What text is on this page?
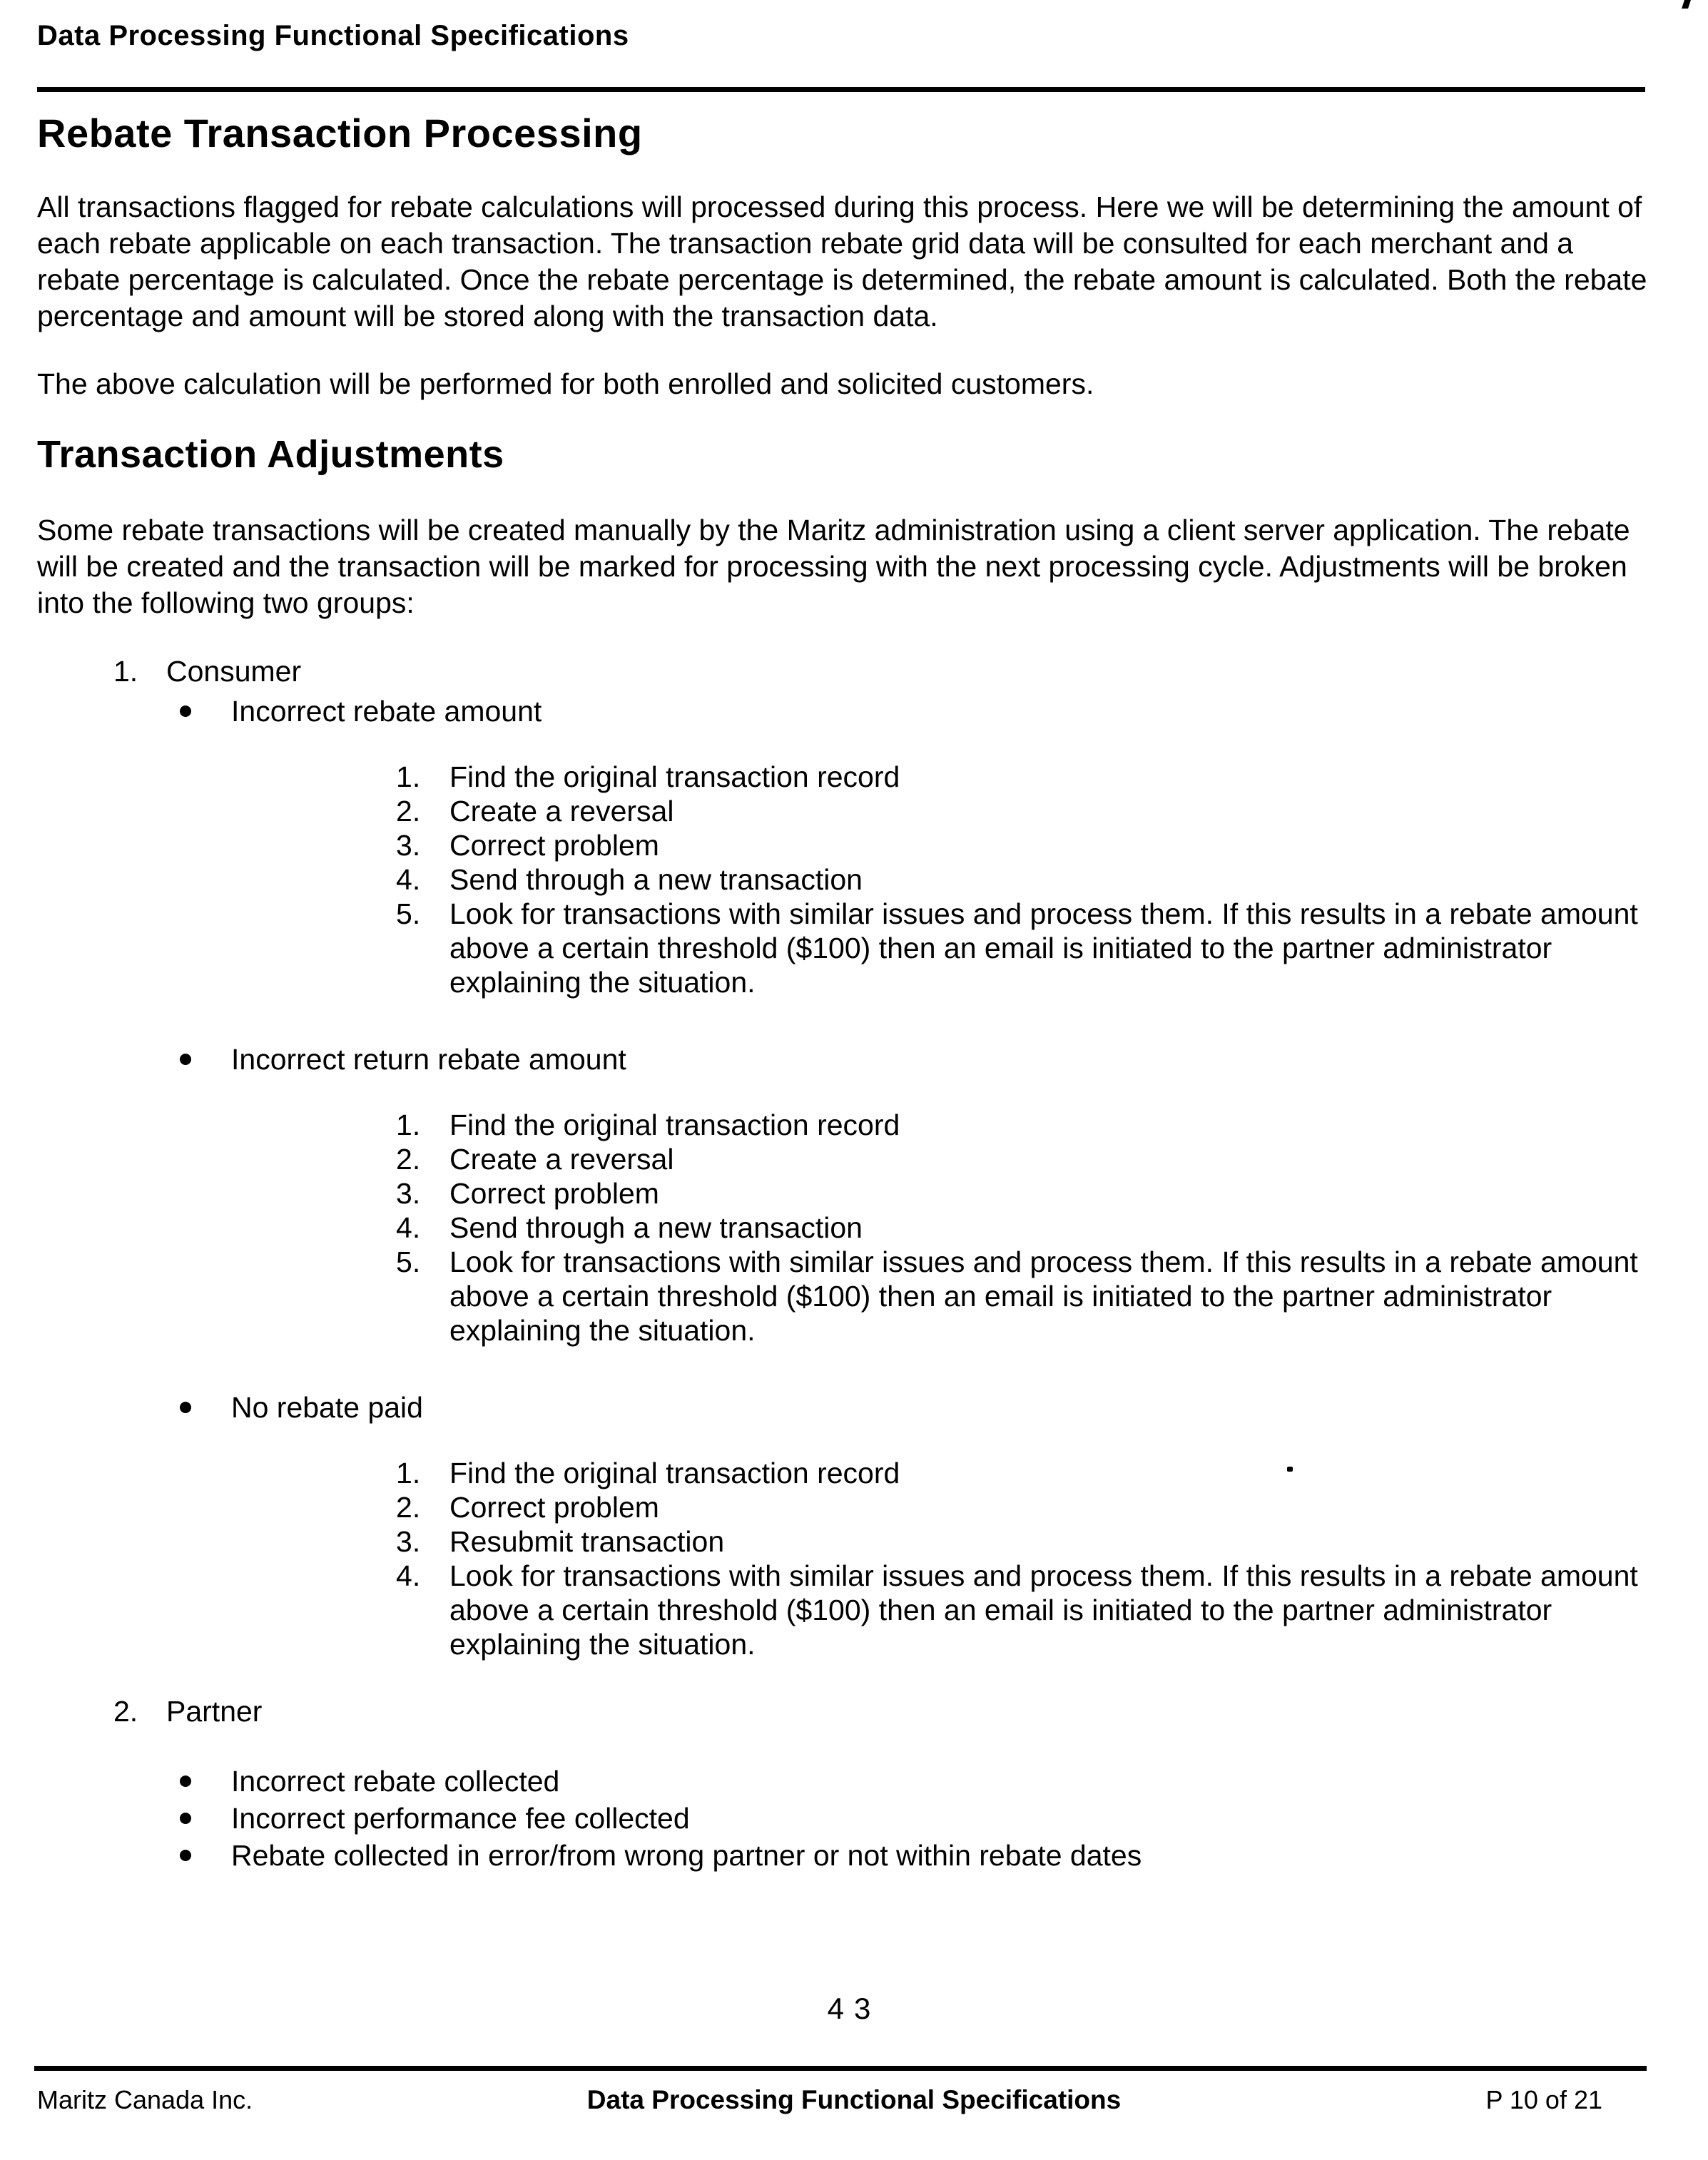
Data Processing Functional Specifications
Rebate Transaction Processing

All transactions flagged for rebate calculations will processed during this process. Here we will be determining the amount of each rebate applicable on each transaction. The transaction rebate grid data will be consulted for each merchant and a rebate percentage is calculated. Once the rebate percentage is determined, the rebate amount is calculated. Both the rebate percentage and amount will be stored along with the transaction data.

The above calculation will be performed for both enrolled and solicited customers.

Transaction Adjustments

Some rebate transactions will be created manually by the Maritz administration using a client server application. The rebate will be created and the transaction will be marked for processing with the next processing cycle. Adjustments will be broken into the following two groups:

1. Consumer
Incorrect rebate amount
Find the original transaction record
Create a reversal
Correct problem
Send through a new transaction
Look for transactions with similar issues and process them. If this results in a rebate amount above a certain threshold ($100) then an email is initiated to the partner administrator explaining the situation.
Incorrect return rebate amount
Find the original transaction record
Create a reversal
Correct problem
Send through a new transaction
Look for transactions with similar issues and process them. If this results in a rebate amount above a certain threshold ($100) then an email is initiated to the partner administrator explaining the situation.
No rebate paid
Find the original transaction record
Correct problem
Resubmit transaction
Look for transactions with similar issues and process them. If this results in a rebate amount above a certain threshold ($100) then an email is initiated to the partner administrator explaining the situation.
2. Partner
Incorrect rebate collected
Incorrect performance fee collected
Rebate collected in error/from wrong partner or not within rebate dates
43
Maritz Canada Inc.	Data Processing Functional Specifications	P 10 of 21
